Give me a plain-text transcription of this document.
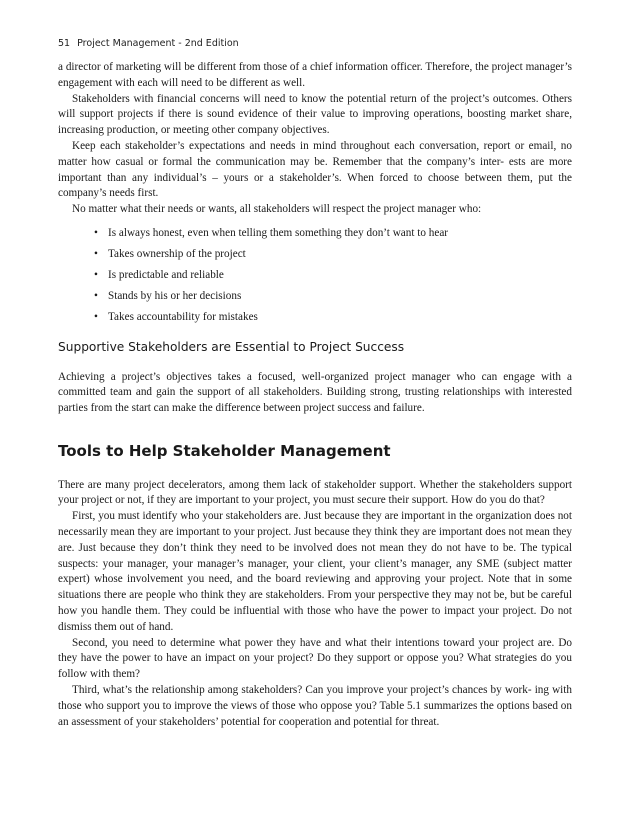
51 Project Management - 2nd Edition

a director of marketing will be different from those of a chief information officer. Therefore, the project manager’s engagement with each will need to be different as well.

Stakeholders with financial concerns will need to know the potential return of the project’s outcomes. Others will support projects if there is sound evidence of their value to improving operations, boosting market share, increasing production, or meeting other company objectives.

Keep each stakeholder’s expectations and needs in mind throughout each conversation, report or email, no matter how casual or formal the communication may be. Remember that the company’s inter- ests are more important than any individual’s – yours or a stakeholder’s. When forced to choose between them, put the company’s needs first.

No matter what their needs or wants, all stakeholders will respect the project manager who:

• Is always honest, even when telling them something they don’t want to hear
• Takes ownership of the project
• Is predictable and reliable
• Stands by his or her decisions
• Takes accountability for mistakes
Supportive Stakeholders are Essential to Project Success

Achieving a project’s objectives takes a focused, well-organized project manager who can engage with a committed team and gain the support of all stakeholders. Building strong, trusting relationships with interested parties from the start can make the difference between project success and failure.

Tools to Help Stakeholder Management

There are many project decelerators, among them lack of stakeholder support. Whether the stakeholders support your project or not, if they are important to your project, you must secure their support. How do you do that?

First, you must identify who your stakeholders are. Just because they are important in the organization does not necessarily mean they are important to your project. Just because they think they are important does not mean they are. Just because they don’t think they need to be involved does not mean they do not have to be. The typical suspects: your manager, your manager’s manager, your client, your client’s manager, any SME (subject matter expert) whose involvement you need, and the board reviewing and approving your project. Note that in some situations there are people who think they are stakeholders. From your perspective they may not be, but be careful how you handle them. They could be influential with those who have the power to impact your project. Do not dismiss them out of hand.

Second, you need to determine what power they have and what their intentions toward your project are. Do they have the power to have an impact on your project? Do they support or oppose you? What strategies do you follow with them?

Third, what’s the relationship among stakeholders? Can you improve your project’s chances by work- ing with those who support you to improve the views of those who oppose you? Table 5.1 summarizes the options based on an assessment of your stakeholders’ potential for cooperation and potential for threat.
